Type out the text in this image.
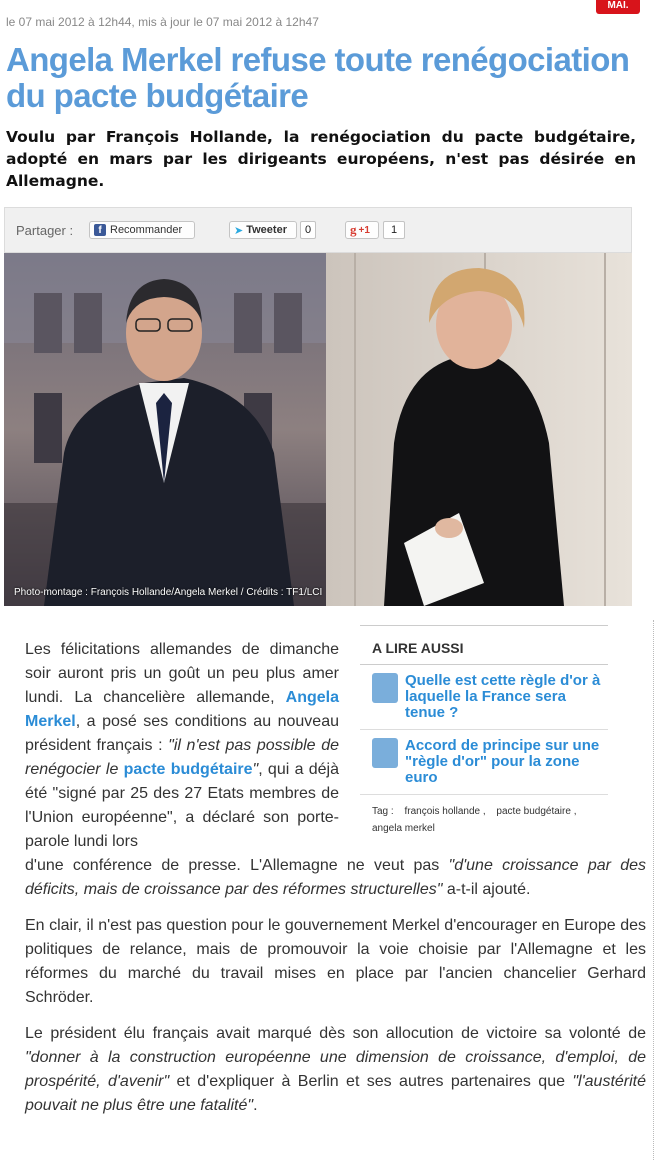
MAI.
le 07 mai 2012 à 12h44, mis à jour le 07 mai 2012 à 12h47
Angela Merkel refuse toute renégociation du pacte budgétaire

Voulu par François Hollande, la renégociation du pacte budgétaire, adopté en mars par les dirigeants européens, n'est pas désirée en Allemagne.

Partager :	f Recommander	➤ Tweeter	0	g +1	1
Photo-montage : François Hollande/Angela Merkel / Crédits : TF1/LCI

Les félicitations allemandes de dimanche soir auront pris un goût un peu plus amer lundi. La chancelière allemande, Angela Merkel, a posé ses conditions au nouveau président français : "il n'est pas possible de renégocier le pacte budgétaire", qui a déjà été "signé par 25 des 27 Etats membres de l'Union européenne", a déclaré son porte-parole lundi lors
d'une conférence de presse. L'Allemagne ne veut pas "d'une croissance par des déficits, mais de croissance par des réformes structurelles" a-t-il ajouté.

En clair, il n'est pas question pour le gouvernement Merkel d'encourager en Europe des politiques de relance, mais de promouvoir la voie choisie par l'Allemagne et les réformes du marché du travail mises en place par l'ancien chancelier Gerhard Schröder.

Le président élu français avait marqué dès son allocution de victoire sa volonté de "donner à la construction européenne une dimension de croissance, d'emploi, de prospérité, d'avenir" et d'expliquer à Berlin et ses autres partenaires que "l'austérité pouvait ne plus être une fatalité".

A LIRE AUSSI
Quelle est cette règle d'or à laquelle la France sera tenue ?
Accord de principe sur une "règle d'or" pour la zone euro
Tag : françois hollande , pacte budgétaire ,
angela merkel
